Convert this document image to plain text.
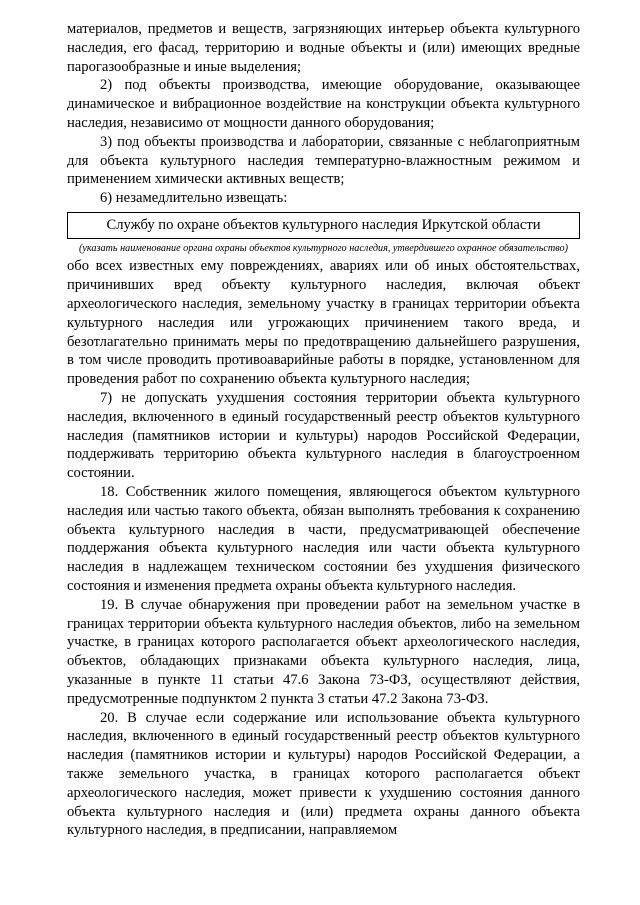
материалов, предметов и веществ, загрязняющих интерьер объекта культурного наследия, его фасад, территорию и водные объекты и (или) имеющих вредные парогазообразные и иные выделения;

2) под объекты производства, имеющие оборудование, оказывающее динамическое и вибрационное воздействие на конструкции объекта культурного наследия, независимо от мощности данного оборудования;

3) под объекты производства и лаборатории, связанные с неблагоприятным для объекта культурного наследия температурно-влажностным режимом и применением химически активных веществ;

6) незамедлительно извещать:

Службу по охране объектов культурного наследия Иркутской области

(указать наименование органа охраны объектов культурного наследия, утвердившего охранное обязательство)

обо всех известных ему повреждениях, авариях или об иных обстоятельствах, причинивших вред объекту культурного наследия, включая объект археологического наследия, земельному участку в границах территории объекта культурного наследия или угрожающих причинением такого вреда, и безотлагательно принимать меры по предотвращению дальнейшего разрушения, в том числе проводить противоаварийные работы в порядке, установленном для проведения работ по сохранению объекта культурного наследия;

7) не допускать ухудшения состояния территории объекта культурного наследия, включенного в единый государственный реестр объектов культурного наследия (памятников истории и культуры) народов Российской Федерации, поддерживать территорию объекта культурного наследия в благоустроенном состоянии.

18. Собственник жилого помещения, являющегося объектом культурного наследия или частью такого объекта, обязан выполнять требования к сохранению объекта культурного наследия в части, предусматривающей обеспечение поддержания объекта культурного наследия или части объекта культурного наследия в надлежащем техническом состоянии без ухудшения физического состояния и изменения предмета охраны объекта культурного наследия.

19. В случае обнаружения при проведении работ на земельном участке в границах территории объекта культурного наследия объектов, либо на земельном участке, в границах которого располагается объект археологического наследия, объектов, обладающих признаками объекта культурного наследия, лица, указанные в пункте 11 статьи 47.6 Закона 73-ФЗ, осуществляют действия, предусмотренные подпунктом 2 пункта 3 статьи 47.2 Закона 73-ФЗ.

20. В случае если содержание или использование объекта культурного наследия, включенного в единый государственный реестр объектов культурного наследия (памятников истории и культуры) народов Российской Федерации, а также земельного участка, в границах которого располагается объект археологического наследия, может привести к ухудшению состояния данного объекта культурного наследия и (или) предмета охраны данного объекта культурного наследия, в предписании, направляемом
